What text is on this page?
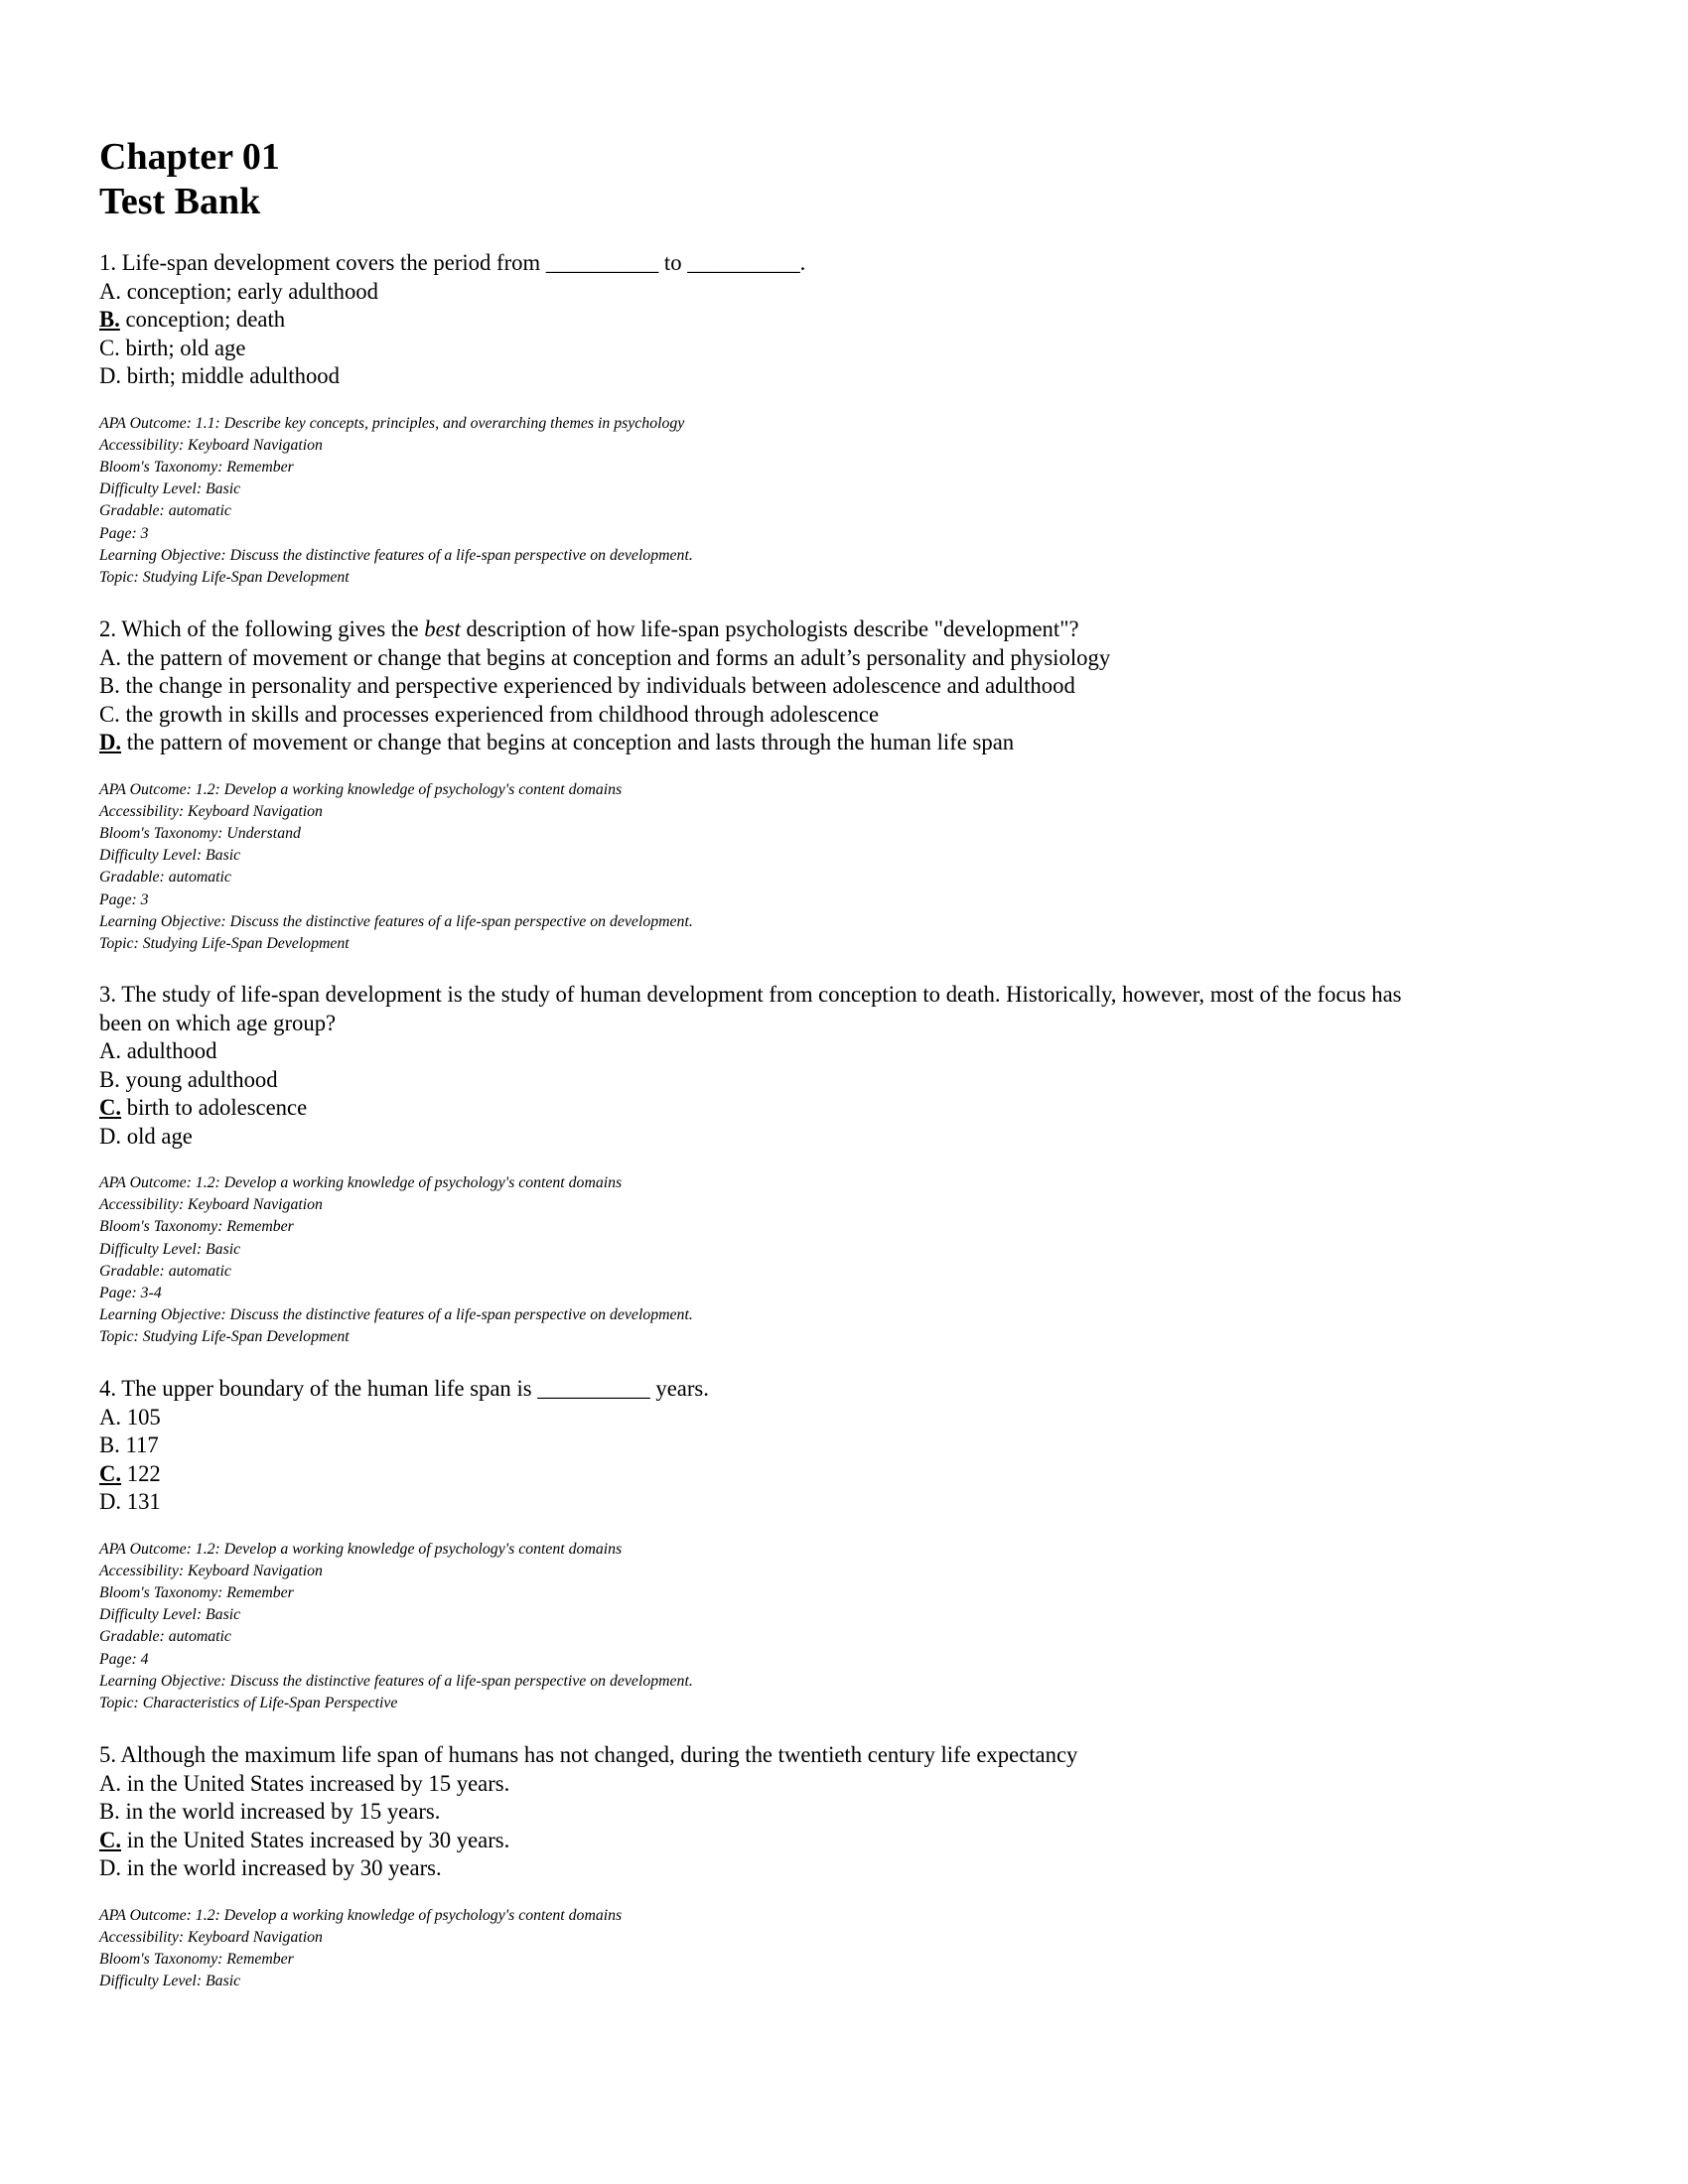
Chapter 01
Test Bank

1. Life-span development covers the period from __________ to __________.

A. conception; early adulthood

B. conception; death

C. birth; old age

D. birth; middle adulthood

APA Outcome: 1.1: Describe key concepts, principles, and overarching themes in psychology
Accessibility: Keyboard Navigation
Bloom's Taxonomy: Remember
Difficulty Level: Basic
Gradable: automatic
Page: 3
Learning Objective: Discuss the distinctive features of a life-span perspective on development.
Topic: Studying Life-Span Development

2. Which of the following gives the best description of how life-span psychologists describe "development"?

A. the pattern of movement or change that begins at conception and forms an adult’s personality and physiology

B. the change in personality and perspective experienced by individuals between adolescence and adulthood

C. the growth in skills and processes experienced from childhood through adolescence

D. the pattern of movement or change that begins at conception and lasts through the human life span

APA Outcome: 1.2: Develop a working knowledge of psychology's content domains
Accessibility: Keyboard Navigation
Bloom's Taxonomy: Understand
Difficulty Level: Basic
Gradable: automatic
Page: 3
Learning Objective: Discuss the distinctive features of a life-span perspective on development.
Topic: Studying Life-Span Development

3. The study of life-span development is the study of human development from conception to death. Historically, however, most of the focus has

been on which age group?

A. adulthood

B. young adulthood

C. birth to adolescence

D. old age

APA Outcome: 1.2: Develop a working knowledge of psychology's content domains
Accessibility: Keyboard Navigation
Bloom's Taxonomy: Remember
Difficulty Level: Basic
Gradable: automatic
Page: 3-4
Learning Objective: Discuss the distinctive features of a life-span perspective on development.
Topic: Studying Life-Span Development

4. The upper boundary of the human life span is __________ years.

A. 105

B. 117

C. 122

D. 131

APA Outcome: 1.2: Develop a working knowledge of psychology's content domains
Accessibility: Keyboard Navigation
Bloom's Taxonomy: Remember
Difficulty Level: Basic
Gradable: automatic
Page: 4
Learning Objective: Discuss the distinctive features of a life-span perspective on development.
Topic: Characteristics of Life-Span Perspective

5. Although the maximum life span of humans has not changed, during the twentieth century life expectancy

A. in the United States increased by 15 years.

B. in the world increased by 15 years.

C. in the United States increased by 30 years.

D. in the world increased by 30 years.

APA Outcome: 1.2: Develop a working knowledge of psychology's content domains
Accessibility: Keyboard Navigation
Bloom's Taxonomy: Remember
Difficulty Level: Basic
